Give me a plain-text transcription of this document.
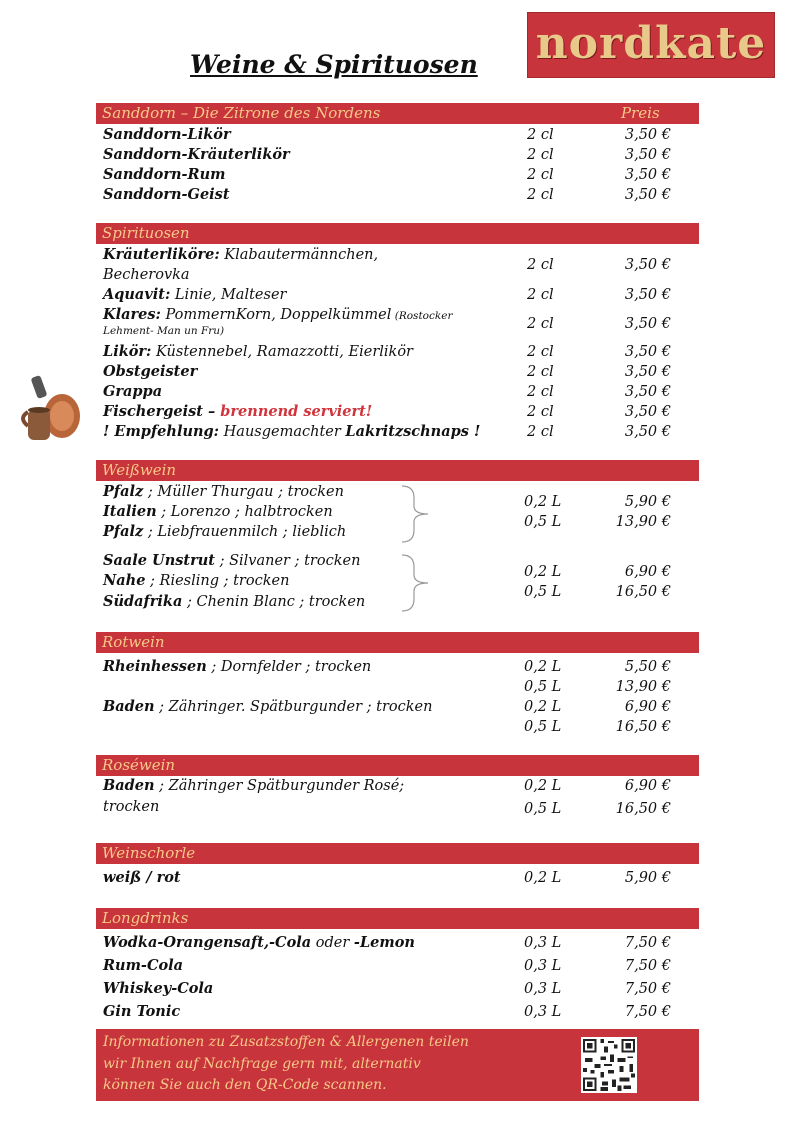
Weine & Spirituosen nordkate
Sanddorn – Die Zitrone des Nordens	Preis
Sanddorn-Likör	2 cl	3,50 €
Sanddorn-Kräuterlikör	2 cl	3,50 €
Sanddorn-Rum	2 cl	3,50 €
Sanddorn-Geist	2 cl	3,50 €
Spirituosen
Kräuterliköre: Klabautermännchen,
Becherovka
2 cl	3,50 €
Aquavit: Linie, Malteser	2 cl	3,50 €
Klares: PommernKorn, Doppelkümmel (Rostocker
Lehment- Man un Fru)	2 cl	3,50 €
Likör: Küstennebel, Ramazzotti, Eierlikör	2 cl	3,50 €
Obstgeister	2 cl	3,50 €
Grappa	2 cl	3,50 €
Fischergeist – brennend serviert!	2 cl	3,50 €
! Empfehlung: Hausgemachter Lakritzschnaps !	2 cl	3,50 €
Weißwein
Pfalz ; Müller Thurgau ; trocken
Italien ; Lorenzo ; halbtrocken
Pfalz ; Liebfrauenmilch ; lieblich
0,2 L	5,90 €
0,5 L	13,90 €
Saale Unstrut ; Silvaner ; trocken
Nahe ; Riesling ; trocken
Südafrika ; Chenin Blanc ; trocken
0,2 L	6,90 €
0,5 L	16,50 €
Rotwein
Rheinhessen ; Dornfelder ; trocken	0,2 L	5,50 €
0,5 L	13,90 €
Baden ; Zähringer. Spätburgunder ; trocken	0,2 L	6,90 €
0,5 L	16,50 €
Roséwein
Baden ; Zähringer Spätburgunder Rosé;
trocken
0,2 L	6,90 €
0,5 L	16,50 €
Weinschorle
weiß / rot	0,2 L	5,90 €
Longdrinks
Wodka-Orangensaft,-Cola oder -Lemon	0,3 L	7,50 €
Rum-Cola	0,3 L	7,50 €
Whiskey-Cola	0,3 L	7,50 €
Gin Tonic	0,3 L	7,50 €
Informationen zu Zusatzstoffen & Allergenen teilen
wir Ihnen auf Nachfrage gern mit, alternativ
können Sie auch den QR-Code scannen.
